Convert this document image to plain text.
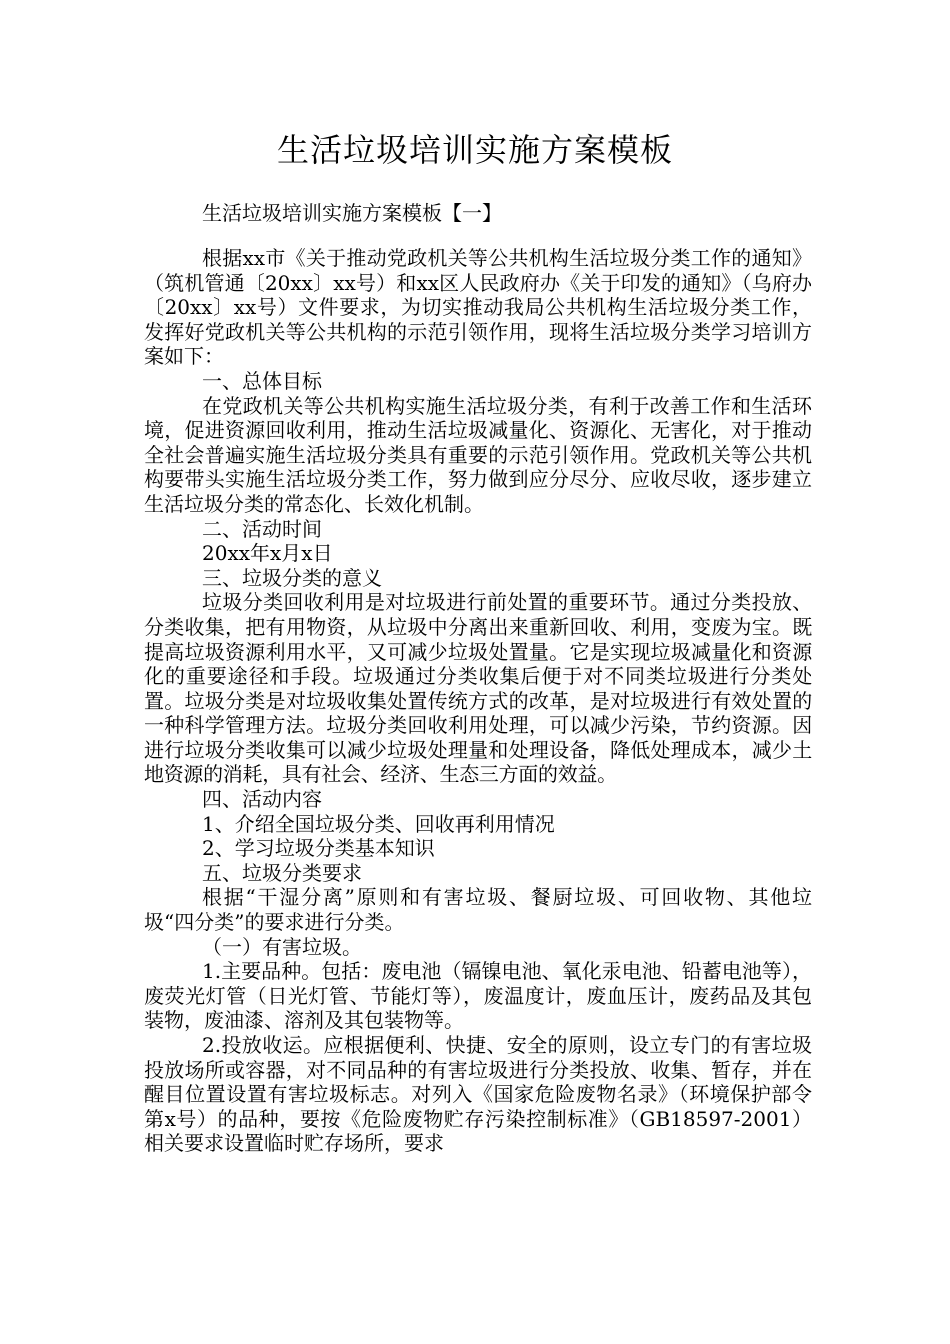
生活垃圾培训实施方案模板
生活垃圾培训实施方案模板【一】

根据xx市《关于推动党政机关等公共机构生活垃圾分类工作的通知》（筑机管通〔20xx〕xx号）和xx区人民政府办《关于印发的通知》（乌府办〔20xx〕xx号）文件要求，为切实推动我局公共机构生活垃圾分类工作，发挥好党政机关等公共机构的示范引领作用，现将生活垃圾分类学习培训方案如下：

一、总体目标

在党政机关等公共机构实施生活垃圾分类，有利于改善工作和生活环境，促进资源回收利用，推动生活垃圾减量化、资源化、无害化，对于推动全社会普遍实施生活垃圾分类具有重要的示范引领作用。党政机关等公共机构要带头实施生活垃圾分类工作，努力做到应分尽分、应收尽收，逐步建立生活垃圾分类的常态化、长效化机制。

二、活动时间

20xx年x月x日

三、垃圾分类的意义

垃圾分类回收利用是对垃圾进行前处置的重要环节。通过分类投放、分类收集，把有用物资，从垃圾中分离出来重新回收、利用，变废为宝。既提高垃圾资源利用水平，又可减少垃圾处置量。它是实现垃圾减量化和资源化的重要途径和手段。垃圾通过分类收集后便于对不同类垃圾进行分类处置。垃圾分类是对垃圾收集处置传统方式的改革，是对垃圾进行有效处置的一种科学管理方法。垃圾分类回收利用处理，可以减少污染，节约资源。因进行垃圾分类收集可以减少垃圾处理量和处理设备，降低处理成本，减少土地资源的消耗，具有社会、经济、生态三方面的效益。

四、活动内容

1、介绍全国垃圾分类、回收再利用情况

2、学习垃圾分类基本知识

五、垃圾分类要求

根据“干湿分离”原则和有害垃圾、餐厨垃圾、可回收物、其他垃圾“四分类”的要求进行分类。

（一）有害垃圾。

1.主要品种。包括：废电池（镉镍电池、氧化汞电池、铅蓄电池等），废荧光灯管（日光灯管、节能灯等），废温度计，废血压计，废药品及其包装物，废油漆、溶剂及其包装物等。

2.投放收运。应根据便利、快捷、安全的原则，设立专门的有害垃圾投放场所或容器，对不同品种的有害垃圾进行分类投放、收集、暂存，并在醒目位置设置有害垃圾标志。对列入《国家危险废物名录》（环境保护部令第x号）的品种，要按《危险废物贮存污染控制标准》（GB18597-2001）相关要求设置临时贮存场所，要求
